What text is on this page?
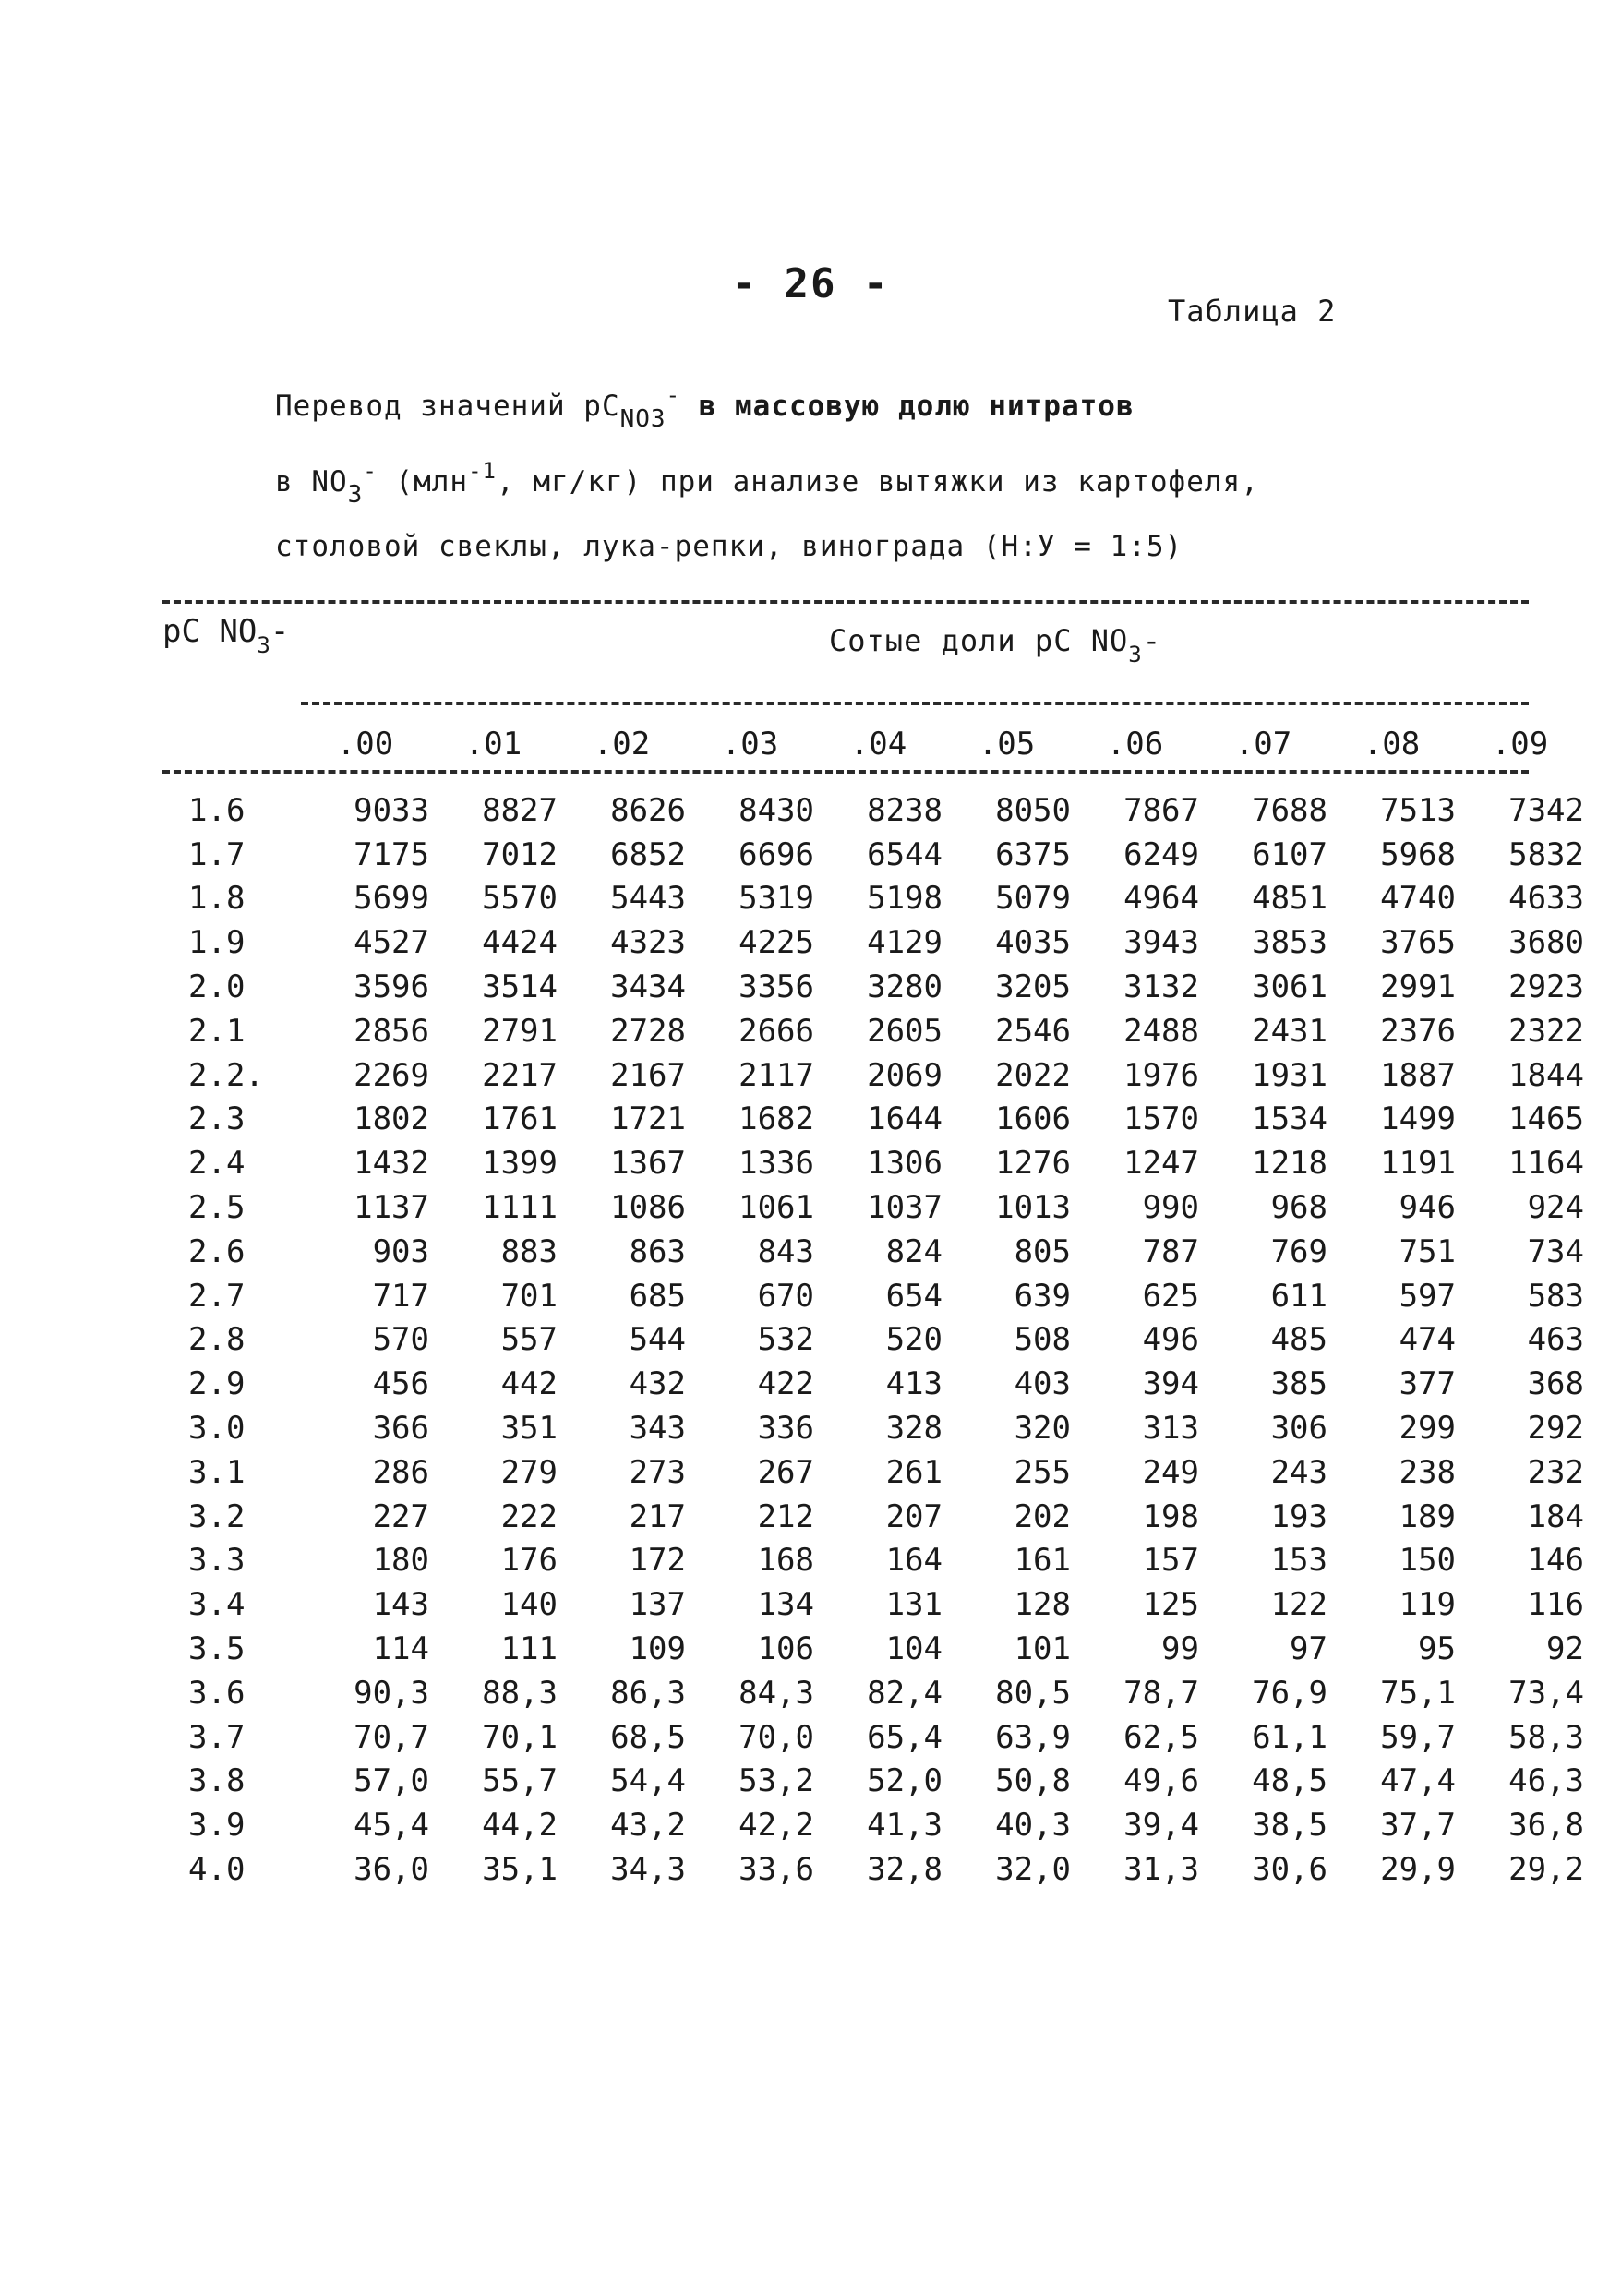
- 26 -
Таблица 2
Перевод значений $pC_{NO3}^-$ в массовую долю нитратов
в $NO_3^-$ (млн$^{-1}$, мг/кг) при анализе вытяжки из картофеля,
столовой свеклы, лука-репки, винограда (Н:У = 1:5)
pC $NO_3-$	Сотые доли pC $NO_3-$
	.00	.01	.02	.03	.04	.05	.06	.07	.08	.09
1.6	9033	8827	8626	8430	8238	8050	7867	7688	7513	7342
1.7	7175	7012	6852	6696	6544	6375	6249	6107	5968	5832
1.8	5699	5570	5443	5319	5198	5079	4964	4851	4740	4633
1.9	4527	4424	4323	4225	4129	4035	3943	3853	3765	3680
2.0	3596	3514	3434	3356	3280	3205	3132	3061	2991	2923
2.1	2856	2791	2728	2666	2605	2546	2488	2431	2376	2322
2.2.	2269	2217	2167	2117	2069	2022	1976	1931	1887	1844
2.3	1802	1761	1721	1682	1644	1606	1570	1534	1499	1465
2.4	1432	1399	1367	1336	1306	1276	1247	1218	1191	1164
2.5	1137	1111	1086	1061	1037	1013	990	968	946	924
2.6	903	883	863	843	824	805	787	769	751	734
2.7	717	701	685	670	654	639	625	611	597	583
2.8	570	557	544	532	520	508	496	485	474	463
2.9	456	442	432	422	413	403	394	385	377	368
3.0	366	351	343	336	328	320	313	306	299	292
3.1	286	279	273	267	261	255	249	243	238	232
3.2	227	222	217	212	207	202	198	193	189	184
3.3	180	176	172	168	164	161	157	153	150	146
3.4	143	140	137	134	131	128	125	122	119	116
3.5	114	111	109	106	104	101	99	97	95	92
3.6	90,3	88,3	86,3	84,3	82,4	80,5	78,7	76,9	75,1	73,4
3.7	70,7	70,1	68,5	70,0	65,4	63,9	62,5	61,1	59,7	58,3
3.8	57,0	55,7	54,4	53,2	52,0	50,8	49,6	48,5	47,4	46,3
3.9	45,4	44,2	43,2	42,2	41,3	40,3	39,4	38,5	37,7	36,8
4.0	36,0	35,1	34,3	33,6	32,8	32,0	31,3	30,6	29,9	29,2
